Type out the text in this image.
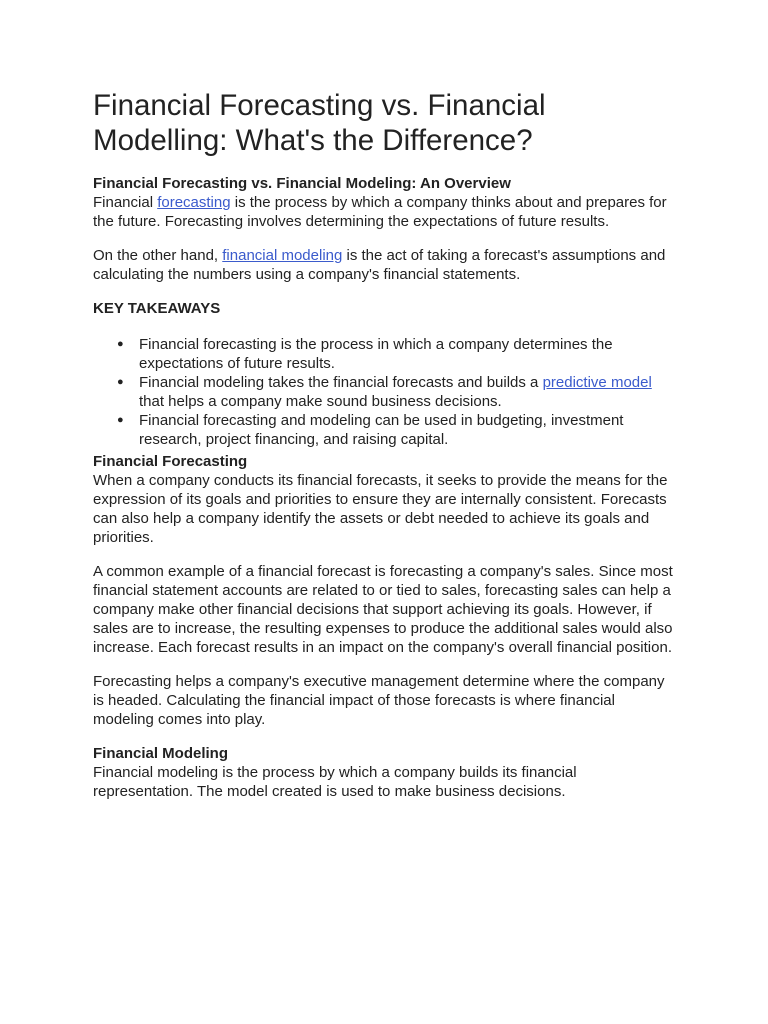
Financial Forecasting vs. Financial Modelling: What's the Difference?
Financial Forecasting vs. Financial Modeling: An Overview

Financial forecasting is the process by which a company thinks about and prepares for the future. Forecasting involves determining the expectations of future results.

On the other hand, financial modeling is the act of taking a forecast's assumptions and calculating the numbers using a company's financial statements.

KEY TAKEAWAYS
● Financial forecasting is the process in which a company determines the expectations of future results.
● Financial modeling takes the financial forecasts and builds a predictive model that helps a company make sound business decisions.
● Financial forecasting and modeling can be used in budgeting, investment research, project financing, and raising capital.
Financial Forecasting

When a company conducts its financial forecasts, it seeks to provide the means for the expression of its goals and priorities to ensure they are internally consistent. Forecasts can also help a company identify the assets or debt needed to achieve its goals and priorities.

A common example of a financial forecast is forecasting a company's sales. Since most financial statement accounts are related to or tied to sales, forecasting sales can help a company make other financial decisions that support achieving its goals. However, if sales are to increase, the resulting expenses to produce the additional sales would also increase. Each forecast results in an impact on the company's overall financial position.

Forecasting helps a company's executive management determine where the company is headed. Calculating the financial impact of those forecasts is where financial modeling comes into play.

Financial Modeling

Financial modeling is the process by which a company builds its financial representation. The model created is used to make business decisions.
